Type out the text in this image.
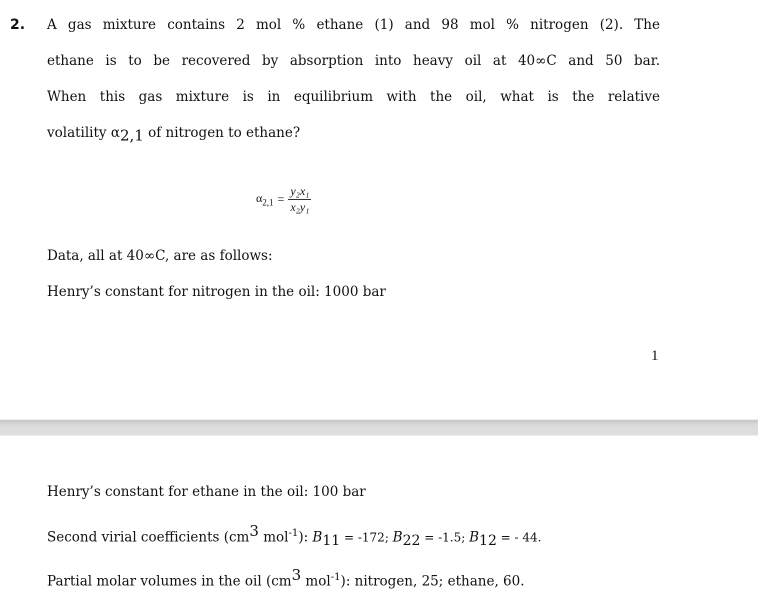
2. A gas mixture contains 2 mol % ethane (1) and 98 mol % nitrogen (2). The
ethane is to be recovered by absorption into heavy oil at 40∞C and 50 bar.
When this gas mixture is in equilibrium with the oil, what is the relative
volatility $\alpha_{2,1}$ of nitrogen to ethane?
$\alpha_{2,1} = \frac{\text{y₂x₁}}{\text{x₂y₁}}$
Data, all at 40∞C, are as follows:
Henry’s constant for nitrogen in the oil: 1000 bar
1
Henry’s constant for ethane in the oil: 100 bar
Second virial coefficients ($cm^3$ mol$^{-1}$): $B_{11} = -172$; $B_{22} = -1.5$; $B_{12}$ = - 44.
Partial molar volumes in the oil ($cm^3$ mol$^{-1}$): nitrogen, 25; ethane, 60.
